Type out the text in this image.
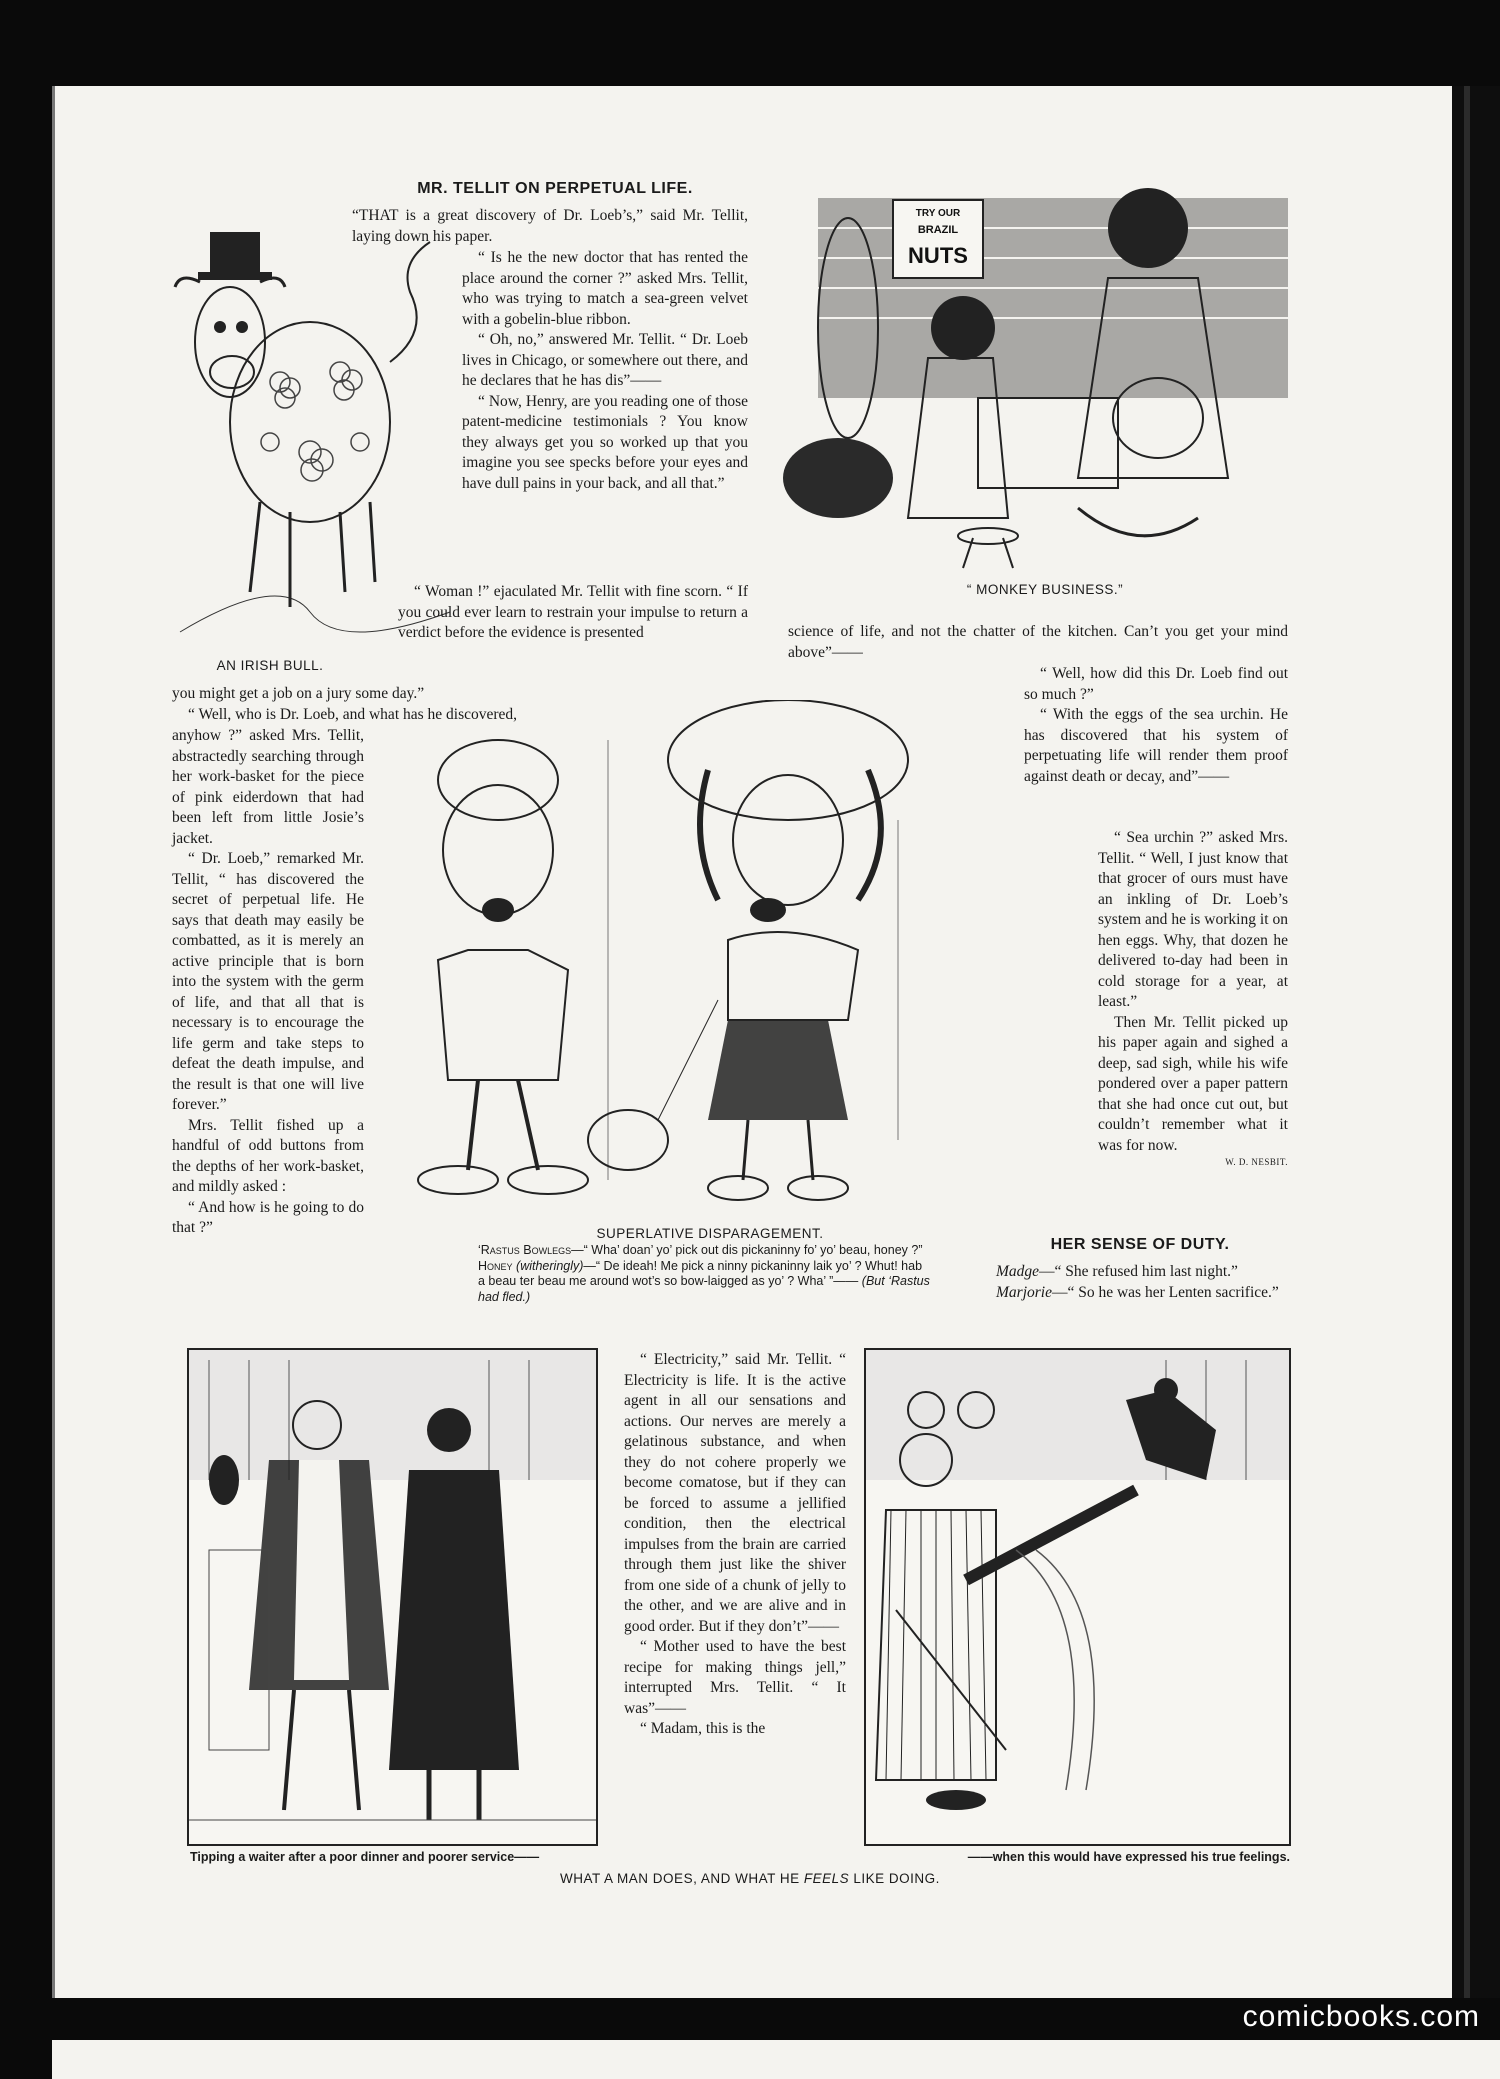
MR. TELLIT ON PERPETUAL LIFE.
AN IRISH BULL.
TRY OUR
BRAZIL
NUTS
“ MONKEY BUSINESS.”

“THAT is a great discovery of Dr. Loeb’s,” said Mr. Tellit, laying down his paper.

“ Is he the new doctor that has rented the place around the corner ?” asked Mrs. Tellit, who was trying to match a sea-green velvet with a gobelin-blue ribbon.

“ Oh, no,” answered Mr. Tellit. “ Dr. Loeb lives in Chicago, or somewhere out there, and he declares that he has dis”——

“ Now, Henry, are you reading one of those patent-medicine testimonials ? You know they always get you so worked up that you imagine you see specks before your eyes and have dull pains in your back, and all that.”

“ Woman !” ejaculated Mr. Tellit with fine scorn. “ If you could ever learn to restrain your impulse to return a verdict before the evidence is presented

you might get a job on a jury some day.”

“ Well, who is Dr. Loeb, and what has he discovered,

anyhow ?” asked Mrs. Tellit, abstractedly searching through her work-basket for the piece of pink eiderdown that had been left from little Josie’s jacket.

“ Dr. Loeb,” remarked Mr. Tellit, “ has discovered the secret of perpetual life. He says that death may easily be combatted, as it is merely an active principle that is born into the system with the germ of life, and that all that is necessary is to encourage the life germ and take steps to defeat the death impulse, and the result is that one will live forever.”

Mrs. Tellit fished up a handful of odd buttons from the depths of her work-basket, and mildly asked :

“ And how is he going to do that ?”	SUPERLATIVE DISPARAGEMENT.
‘Rastus Bowlegs—“ Wha’ doan’ yo’ pick out dis pickaninny fo’ yo’ beau, honey ?”
Honey (witheringly)—“ De ideah! Me pick a ninny pickaninny laik yo’ ? Whut! hab a beau ter beau me around wot’s so bow-laigged as yo’ ? Wha’ ”—— (But ‘Rastus had fled.)

science of life, and not the chatter of the kitchen. Can’t you get your mind above”——

“ Well, how did this Dr. Loeb find out so much ?”

“ With the eggs of the sea urchin. He has discovered that his system of perpetuating life will render them proof against death or decay, and”——

“ Sea urchin ?” asked Mrs. Tellit. “ Well, I just know that that grocer of ours must have an inkling of Dr. Loeb’s system and he is working it on hen eggs. Why, that dozen he delivered to-day had been in cold storage for a year, at least.”

Then Mr. Tellit picked up his paper again and sighed a deep, sad sigh, while his wife pondered over a paper pattern that she had once cut out, but couldn’t remember what it was for now.

W. D. NESBIT.
HER SENSE OF DUTY.

Madge—“ She refused him last night.”

Marjorie—“ So he was her Lenten sacrifice.”

Tipping a waiter after a poor dinner and poorer service——

“ Electricity,” said Mr. Tellit. “ Electricity is life. It is the active agent in all our sensations and actions. Our nerves are merely a gelatinous substance, and when they do not cohere properly we become comatose, but if they can be forced to assume a jellified condition, then the electrical impulses from the brain are carried through them just like the shiver from one side of a chunk of jelly to the other, and we are alive and in good order. But if they don’t”——

“ Mother used to have the best recipe for making things jell,” interrupted Mrs. Tellit. “ It was”——

“ Madam, this is the

——when this would have expressed his true feelings.
WHAT A MAN DOES, AND WHAT HE FEELS LIKE DOING.
comicbooks.com
